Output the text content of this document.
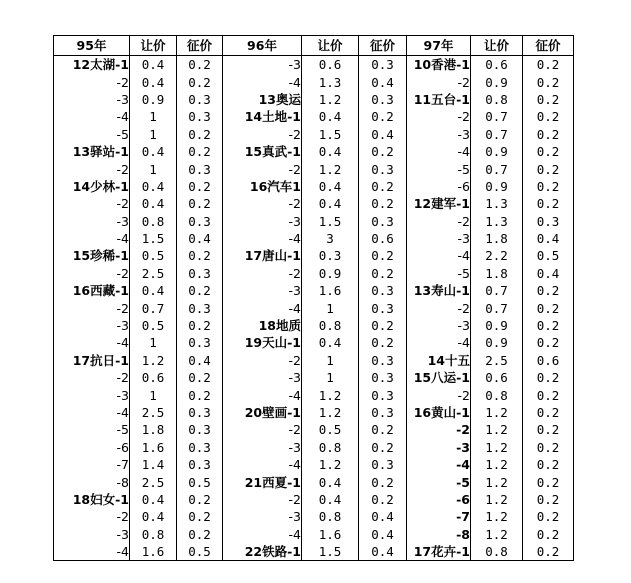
95年	让价	征价	96年	让价	征价	97年	让价	征价
12太湖-1	0.4	0.2	-3	0.6	0.3	10香港-1	0.6	0.2
-2	0.4	0.2	-4	1.3	0.4	-2	0.9	0.2
-3	0.9	0.3	13奥运	1.2	0.3	11五台-1	0.8	0.2
-4	1	0.3	14土地-1	0.4	0.2	-2	0.7	0.2
-5	1	0.2	-2	1.5	0.4	-3	0.7	0.2
13驿站-1	0.4	0.2	15真武-1	0.4	0.2	-4	0.9	0.2
-2	1	0.3	-2	1.2	0.3	-5	0.7	0.2
14少林-1	0.4	0.2	16汽车1	0.4	0.2	-6	0.9	0.2
-2	0.4	0.2	-2	0.4	0.2	12建军-1	1.3	0.2
-3	0.8	0.3	-3	1.5	0.3	-2	1.3	0.3
-4	1.5	0.4	-4	3	0.6	-3	1.8	0.4
15珍稀-1	0.5	0.2	17唐山-1	0.3	0.2	-4	2.2	0.5
-2	2.5	0.3	-2	0.9	0.2	-5	1.8	0.4
16西藏-1	0.4	0.2	-3	1.6	0.3	13寿山-1	0.7	0.2
-2	0.7	0.3	-4	1	0.3	-2	0.7	0.2
-3	0.5	0.2	18地质	0.8	0.2	-3	0.9	0.2
-4	1	0.3	19天山-1	0.4	0.2	-4	0.9	0.2
17抗日-1	1.2	0.4	-2	1	0.3	14十五	2.5	0.6
-2	0.6	0.2	-3	1	0.3	15八运-1	0.6	0.2
-3	1	0.2	-4	1.2	0.3	-2	0.8	0.2
-4	2.5	0.3	20壁画-1	1.2	0.3	16黄山-1	1.2	0.2
-5	1.8	0.3	-2	0.5	0.2	-2	1.2	0.2
-6	1.6	0.3	-3	0.8	0.2	-3	1.2	0.2
-7	1.4	0.3	-4	1.2	0.3	-4	1.2	0.2
-8	2.5	0.5	21西夏-1	0.4	0.2	-5	1.2	0.2
18妇女-1	0.4	0.2	-2	0.4	0.2	-6	1.2	0.2
-2	0.4	0.2	-3	0.8	0.4	-7	1.2	0.2
-3	0.8	0.2	-4	1.6	0.4	-8	1.2	0.2
-4	1.6	0.5	22铁路-1	1.5	0.4	17花卉-1	0.8	0.2
